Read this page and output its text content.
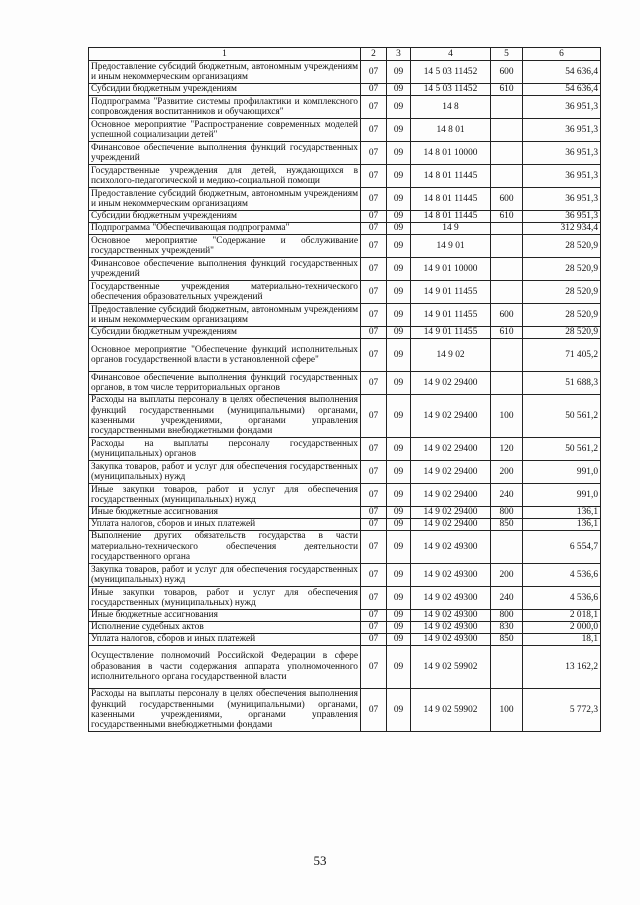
1	2	3	4	5	6
Предоставление субсидий бюджетным, автономным учреждениям и иным некоммерческим организациям	07	09	14 5 03 11452	600	54 636,4
Субсидии бюджетным учреждениям	07	09	14 5 03 11452	610	54 636,4
Подпрограмма "Развитие системы профилактики и комплексного сопровождения воспитанников и обучающихся"	07	09	14 8		36 951,3
Основное мероприятие "Распространение современных моделей успешной социализации детей"	07	09	14 8 01		36 951,3
Финансовое обеспечение выполнения функций государственных учреждений	07	09	14 8 01 10000		36 951,3
Государственные учреждения для детей, нуждающихся в психолого-педагогической и медико-социальной помощи	07	09	14 8 01 11445		36 951,3
Предоставление субсидий бюджетным, автономным учреждениям и иным некоммерческим организациям	07	09	14 8 01 11445	600	36 951,3
Субсидии бюджетным учреждениям	07	09	14 8 01 11445	610	36 951,3
Подпрограмма "Обеспечивающая подпрограмма"	07	09	14 9		312 934,4
Основное мероприятие "Содержание и обслуживание государственных учреждений"	07	09	14 9 01		28 520,9
Финансовое обеспечение выполнения функций государственных учреждений	07	09	14 9 01 10000		28 520,9
Государственные учреждения материально-технического обеспечения образовательных учреждений	07	09	14 9 01 11455		28 520,9
Предоставление субсидий бюджетным, автономным учреждениям и иным некоммерческим организациям	07	09	14 9 01 11455	600	28 520,9
Субсидии бюджетным учреждениям	07	09	14 9 01 11455	610	28 520,9
Основное мероприятие "Обеспечение функций исполнительных органов государственной власти в установленной сфере"	07	09	14 9 02		71 405,2
Финансовое обеспечение выполнения функций государственных органов, в том числе территориальных органов	07	09	14 9 02 29400		51 688,3
Расходы на выплаты персоналу в целях обеспечения выполнения функций государственными (муниципальными) органами, казенными учреждениями, органами управления государственными внебюджетными фондами	07	09	14 9 02 29400	100	50 561,2
Расходы на выплаты персоналу государственных (муниципальных) органов	07	09	14 9 02 29400	120	50 561,2
Закупка товаров, работ и услуг для обеспечения государственных (муниципальных) нужд	07	09	14 9 02 29400	200	991,0
Иные закупки товаров, работ и услуг для обеспечения государственных (муниципальных) нужд	07	09	14 9 02 29400	240	991,0
Иные бюджетные ассигнования	07	09	14 9 02 29400	800	136,1
Уплата налогов, сборов и иных платежей	07	09	14 9 02 29400	850	136,1
Выполнение других обязательств государства в части материально-технического обеспечения деятельности государственного органа	07	09	14 9 02 49300		6 554,7
Закупка товаров, работ и услуг для обеспечения государственных (муниципальных) нужд	07	09	14 9 02 49300	200	4 536,6
Иные закупки товаров, работ и услуг для обеспечения государственных (муниципальных) нужд	07	09	14 9 02 49300	240	4 536,6
Иные бюджетные ассигнования	07	09	14 9 02 49300	800	2 018,1
Исполнение судебных актов	07	09	14 9 02 49300	830	2 000,0
Уплата налогов, сборов и иных платежей	07	09	14 9 02 49300	850	18,1
Осуществление полномочий Российской Федерации в сфере образования в части содержания аппарата уполномоченного исполнительного органа государственной власти	07	09	14 9 02 59902		13 162,2
Расходы на выплаты персоналу в целях обеспечения выполнения функций государственными (муниципальными) органами, казенными учреждениями, органами управления государственными внебюджетными фондами	07	09	14 9 02 59902	100	5 772,3
53
